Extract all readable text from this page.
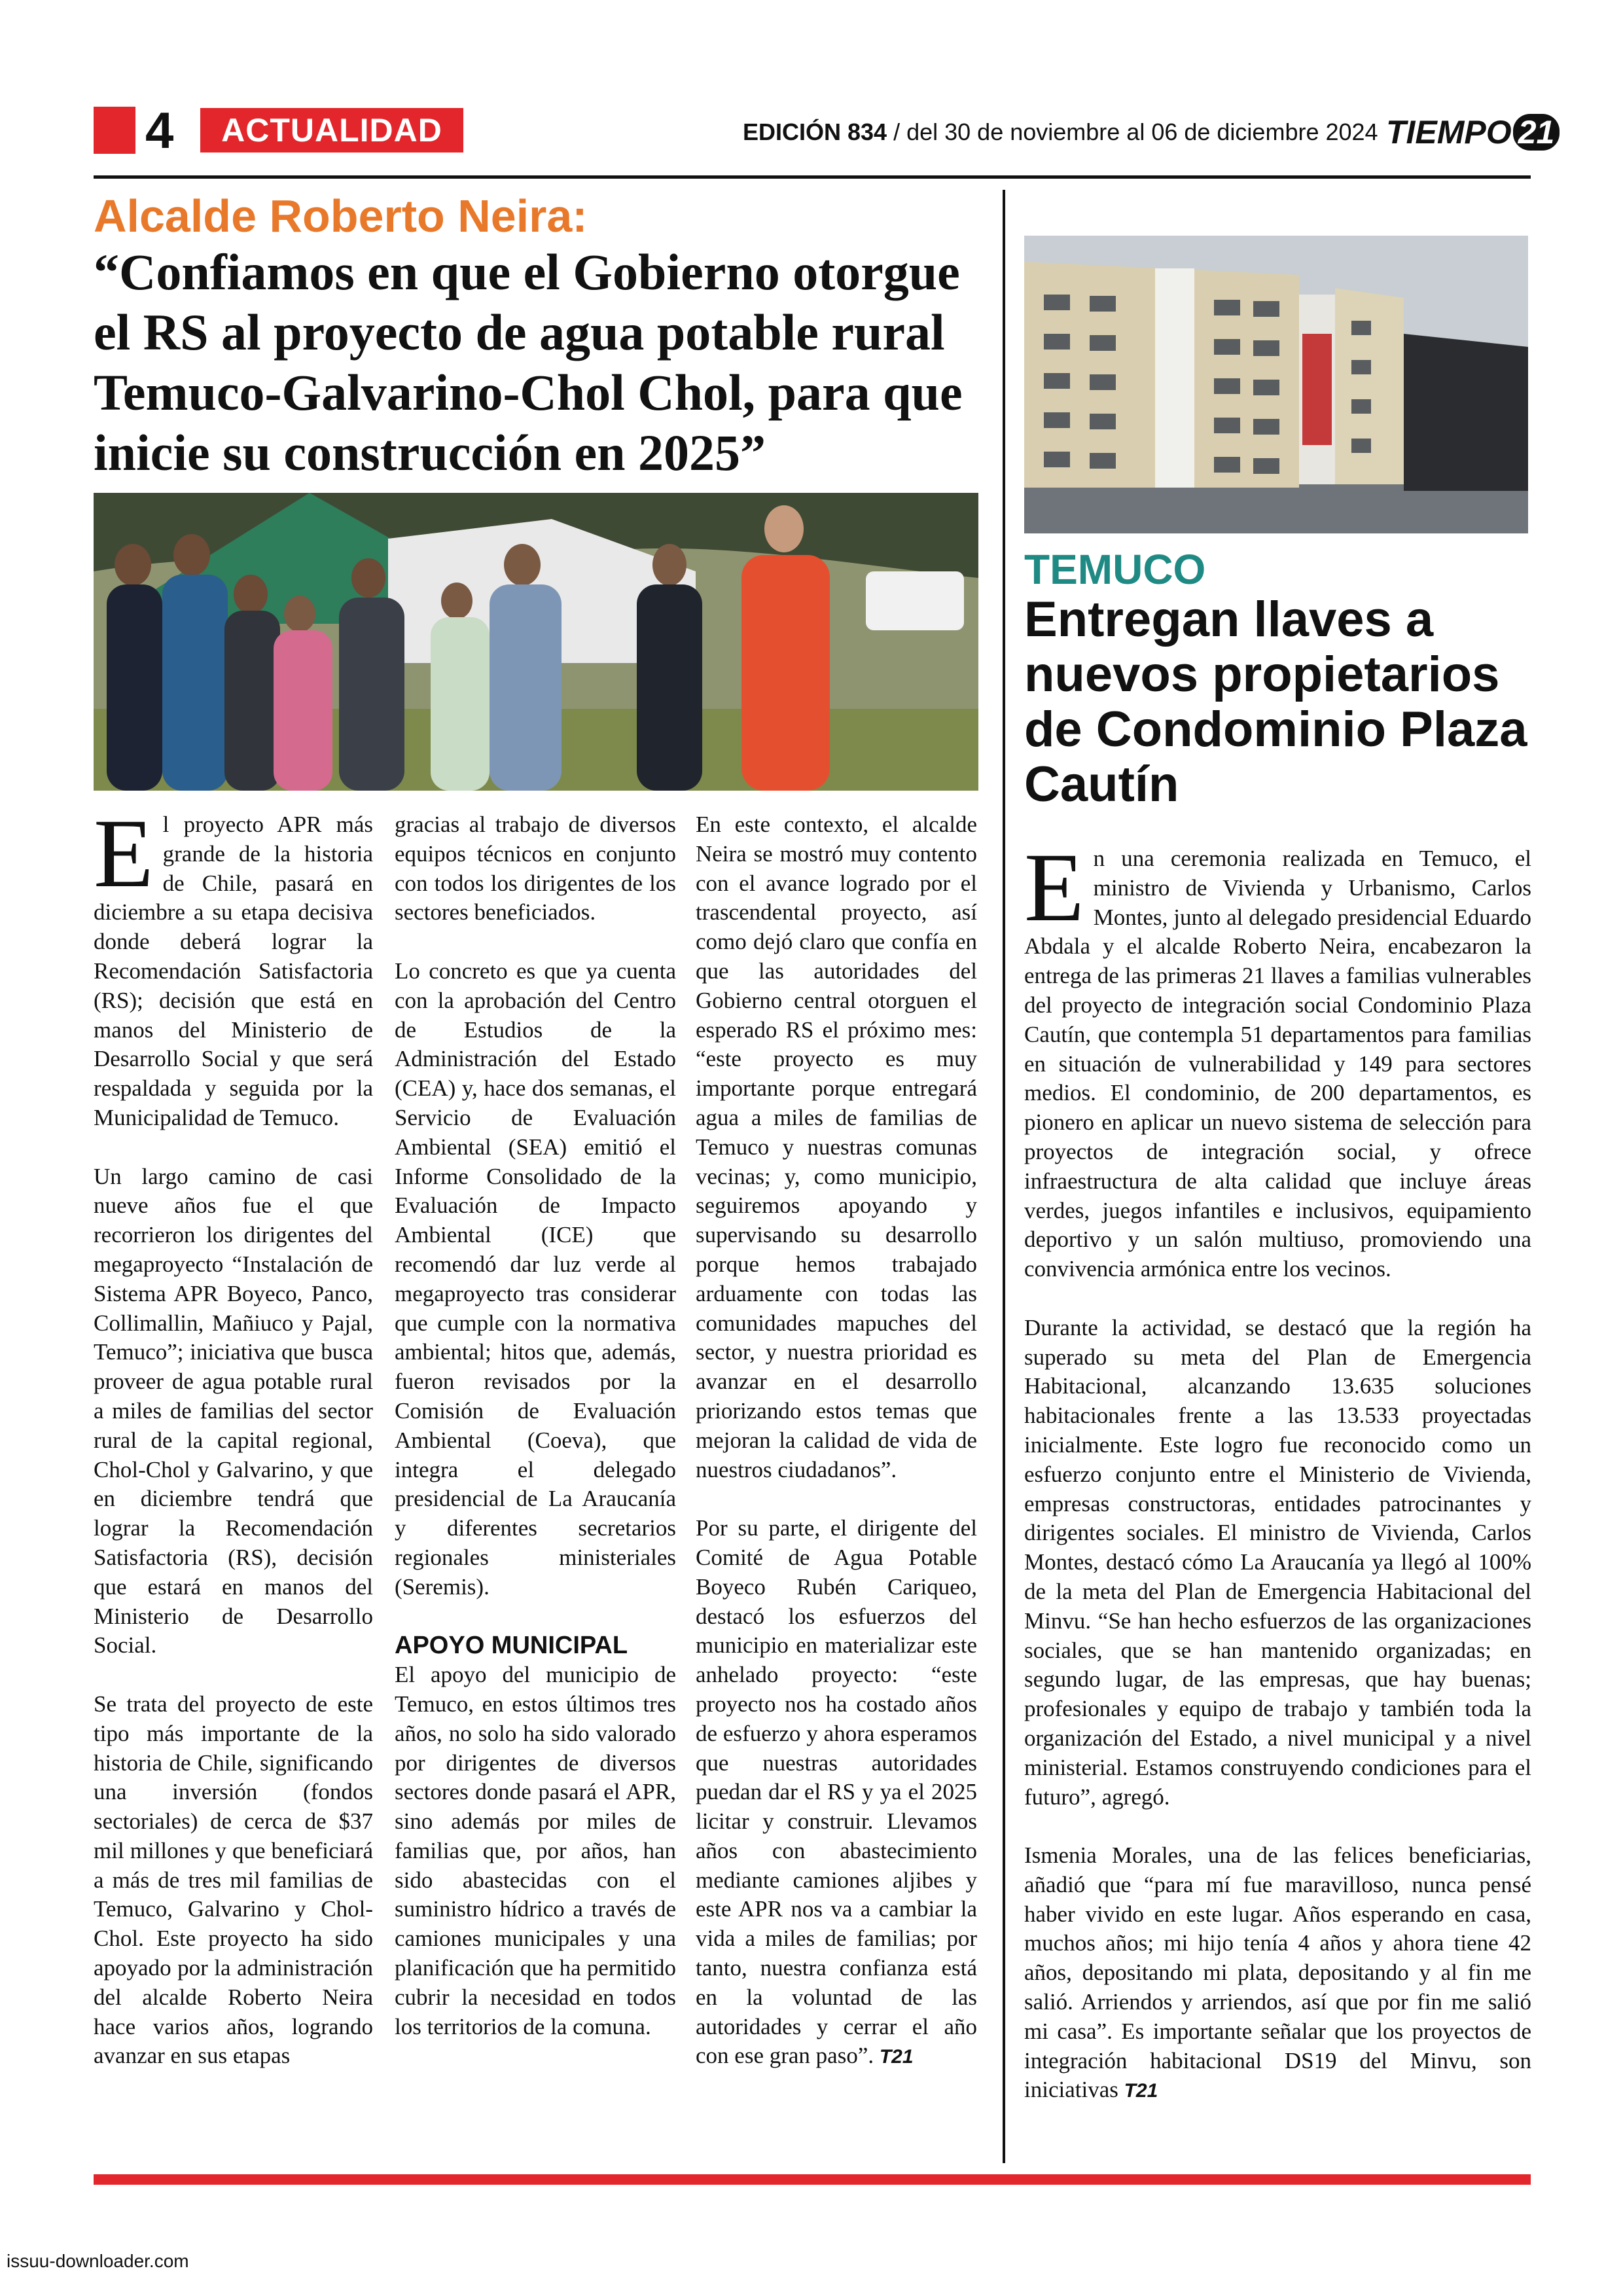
4	ACTUALIDAD	EDICIÓN 834 / del 30 de noviembre al 06 de diciembre 2024 TIEMPO 21
Alcalde Roberto Neira:
“Confiamos en que el Gobierno otorgue el RS al proyecto de agua potable rural Temuco-Galvarino-Chol Chol, para que inicie su construcción en 2025”

El proyecto APR más grande de la historia de Chile, pasará en diciembre a su etapa decisiva donde deberá lograr la Recomendación Satisfactoria (RS); decisión que está en manos del Ministerio de Desarrollo Social y que será respaldada y seguida por la Municipalidad de Temuco.

Un largo camino de casi nueve años fue el que recorrieron los dirigentes del megaproyecto “Instalación de Sistema APR Boyeco, Panco, Collimallin, Mañiuco y Pajal, Temuco”; iniciativa que busca proveer de agua potable rural a miles de familias del sector rural de la capital regional, Chol-Chol y Galvarino, y que en diciembre tendrá que lograr la Recomendación Satisfactoria (RS), decisión que estará en manos del Ministerio de Desarrollo Social.

Se trata del proyecto de este tipo más importante de la historia de Chile, significando una inversión (fondos sectoriales) de cerca de $37 mil millones y que beneficiará a más de tres mil familias de Temuco, Galvarino y Chol-Chol. Este proyecto ha sido apoyado por la administración del alcalde Roberto Neira hace varios años, logrando avanzar en sus etapas

gracias al trabajo de diversos equipos técnicos en conjunto con todos los dirigentes de los sectores beneficiados.

Lo concreto es que ya cuenta con la aprobación del Centro de Estudios de la Administración del Estado (CEA) y, hace dos semanas, el Servicio de Evaluación Ambiental (SEA) emitió el Informe Consolidado de la Evaluación de Impacto Ambiental (ICE) que recomendó dar luz verde al megaproyecto tras considerar que cumple con la normativa ambiental; hitos que, además, fueron revisados por la Comisión de Evaluación Ambiental (Coeva), que integra el delegado presidencial de La Araucanía y diferentes secretarios regionales ministeriales (Seremis).

APOYO MUNICIPAL
El apoyo del municipio de Temuco, en estos últimos tres años, no solo ha sido valorado por dirigentes de diversos sectores donde pasará el APR, sino además por miles de familias que, por años, han sido abastecidas con el suministro hídrico a través de camiones municipales y una planificación que ha permitido cubrir la necesidad en todos los territorios de la comuna.

En este contexto, el alcalde Neira se mostró muy contento con el avance logrado por el trascendental proyecto, así como dejó claro que confía en que las autoridades del Gobierno central otorguen el esperado RS el próximo mes: “este proyecto es muy importante porque entregará agua a miles de familias de Temuco y nuestras comunas vecinas; y, como municipio, seguiremos apoyando y supervisando su desarrollo porque hemos trabajado arduamente con todas las comunidades mapuches del sector, y nuestra prioridad es avanzar en el desarrollo priorizando estos temas que mejoran la calidad de vida de nuestros ciudadanos”.

Por su parte, el dirigente del Comité de Agua Potable Boyeco Rubén Cariqueo, destacó los esfuerzos del municipio en materializar este anhelado proyecto: “este proyecto nos ha costado años de esfuerzo y ahora esperamos que nuestras autoridades puedan dar el RS y ya el 2025 licitar y construir. Llevamos años con abastecimiento mediante camiones aljibes y este APR nos va a cambiar la vida a miles de familias; por tanto, nuestra confianza está en la voluntad de las autoridades y cerrar el año con ese gran paso”. T21

TEMUCO
Entregan llaves a nuevos propietarios de Condominio Plaza Cautín

En una ceremonia realizada en Temuco, el ministro de Vivienda y Urbanismo, Carlos Montes, junto al delegado presidencial Eduardo Abdala y el alcalde Roberto Neira, encabezaron la entrega de las primeras 21 llaves a familias vulnerables del proyecto de integración social Condominio Plaza Cautín, que contempla 51 departamentos para familias en situación de vulnerabilidad y 149 para sectores medios. El condominio, de 200 departamentos, es pionero en aplicar un nuevo sistema de selección para proyectos de integración social, y ofrece infraestructura de alta calidad que incluye áreas verdes, juegos infantiles e inclusivos, equipamiento deportivo y un salón multiuso, promoviendo una convivencia armónica entre los vecinos.

Durante la actividad, se destacó que la región ha superado su meta del Plan de Emergencia Habitacional, alcanzando 13.635 soluciones habitacionales frente a las 13.533 proyectadas inicialmente. Este logro fue reconocido como un esfuerzo conjunto entre el Ministerio de Vivienda, empresas constructoras, entidades patrocinantes y dirigentes sociales. El ministro de Vivienda, Carlos Montes, destacó cómo La Araucanía ya llegó al 100% de la meta del Plan de Emergencia Habitacional del Minvu. “Se han hecho esfuerzos de las organizaciones sociales, que se han mantenido organizadas; en segundo lugar, de las empresas, que hay buenas; profesionales y equipo de trabajo y también toda la organización del Estado, a nivel municipal y a nivel ministerial. Estamos construyendo condiciones para el futuro”, agregó.

Ismenia Morales, una de las felices beneficiarias, añadió que “para mí fue maravilloso, nunca pensé haber vivido en este lugar. Años esperando en casa, muchos años; mi hijo tenía 4 años y ahora tiene 42 años, depositando mi plata, depositando y al fin me salió. Arriendos y arriendos, así que por fin me salió mi casa”. Es importante señalar que los proyectos de integración habitacional DS19 del Minvu, son iniciativas T21

issuu-downloader.com
